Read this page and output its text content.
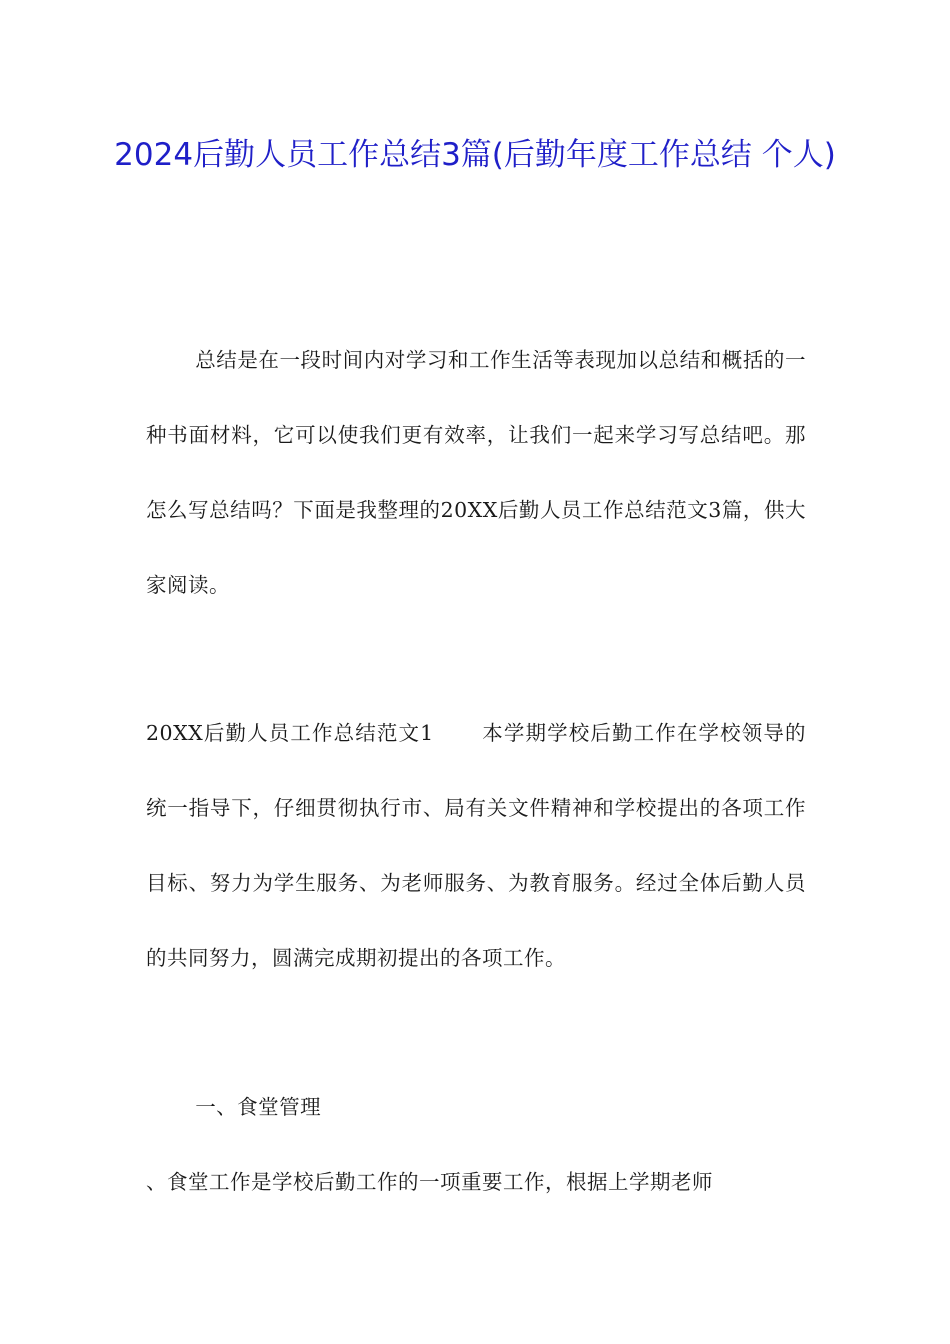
2024后勤人员工作总结3篇(后勤年度工作总结 个人)

总结是在一段时间内对学习和工作生活等表现加以总结和概括的一种书面材料，它可以使我们更有效率，让我们一起来学习写总结吧。那怎么写总结吗？下面是我整理的20XX后勤人员工作总结范文3篇，供大家阅读。

20XX后勤人员工作总结范文1 本学期学校后勤工作在学校领导的统一指导下，仔细贯彻执行市、局有关文件精神和学校提出的各项工作目标、努力为学生服务、为老师服务、为教育服务。经过全体后勤人员的共同努力，圆满完成期初提出的各项工作。

一、食堂管理

、食堂工作是学校后勤工作的一项重要工作，根据上学期老师
